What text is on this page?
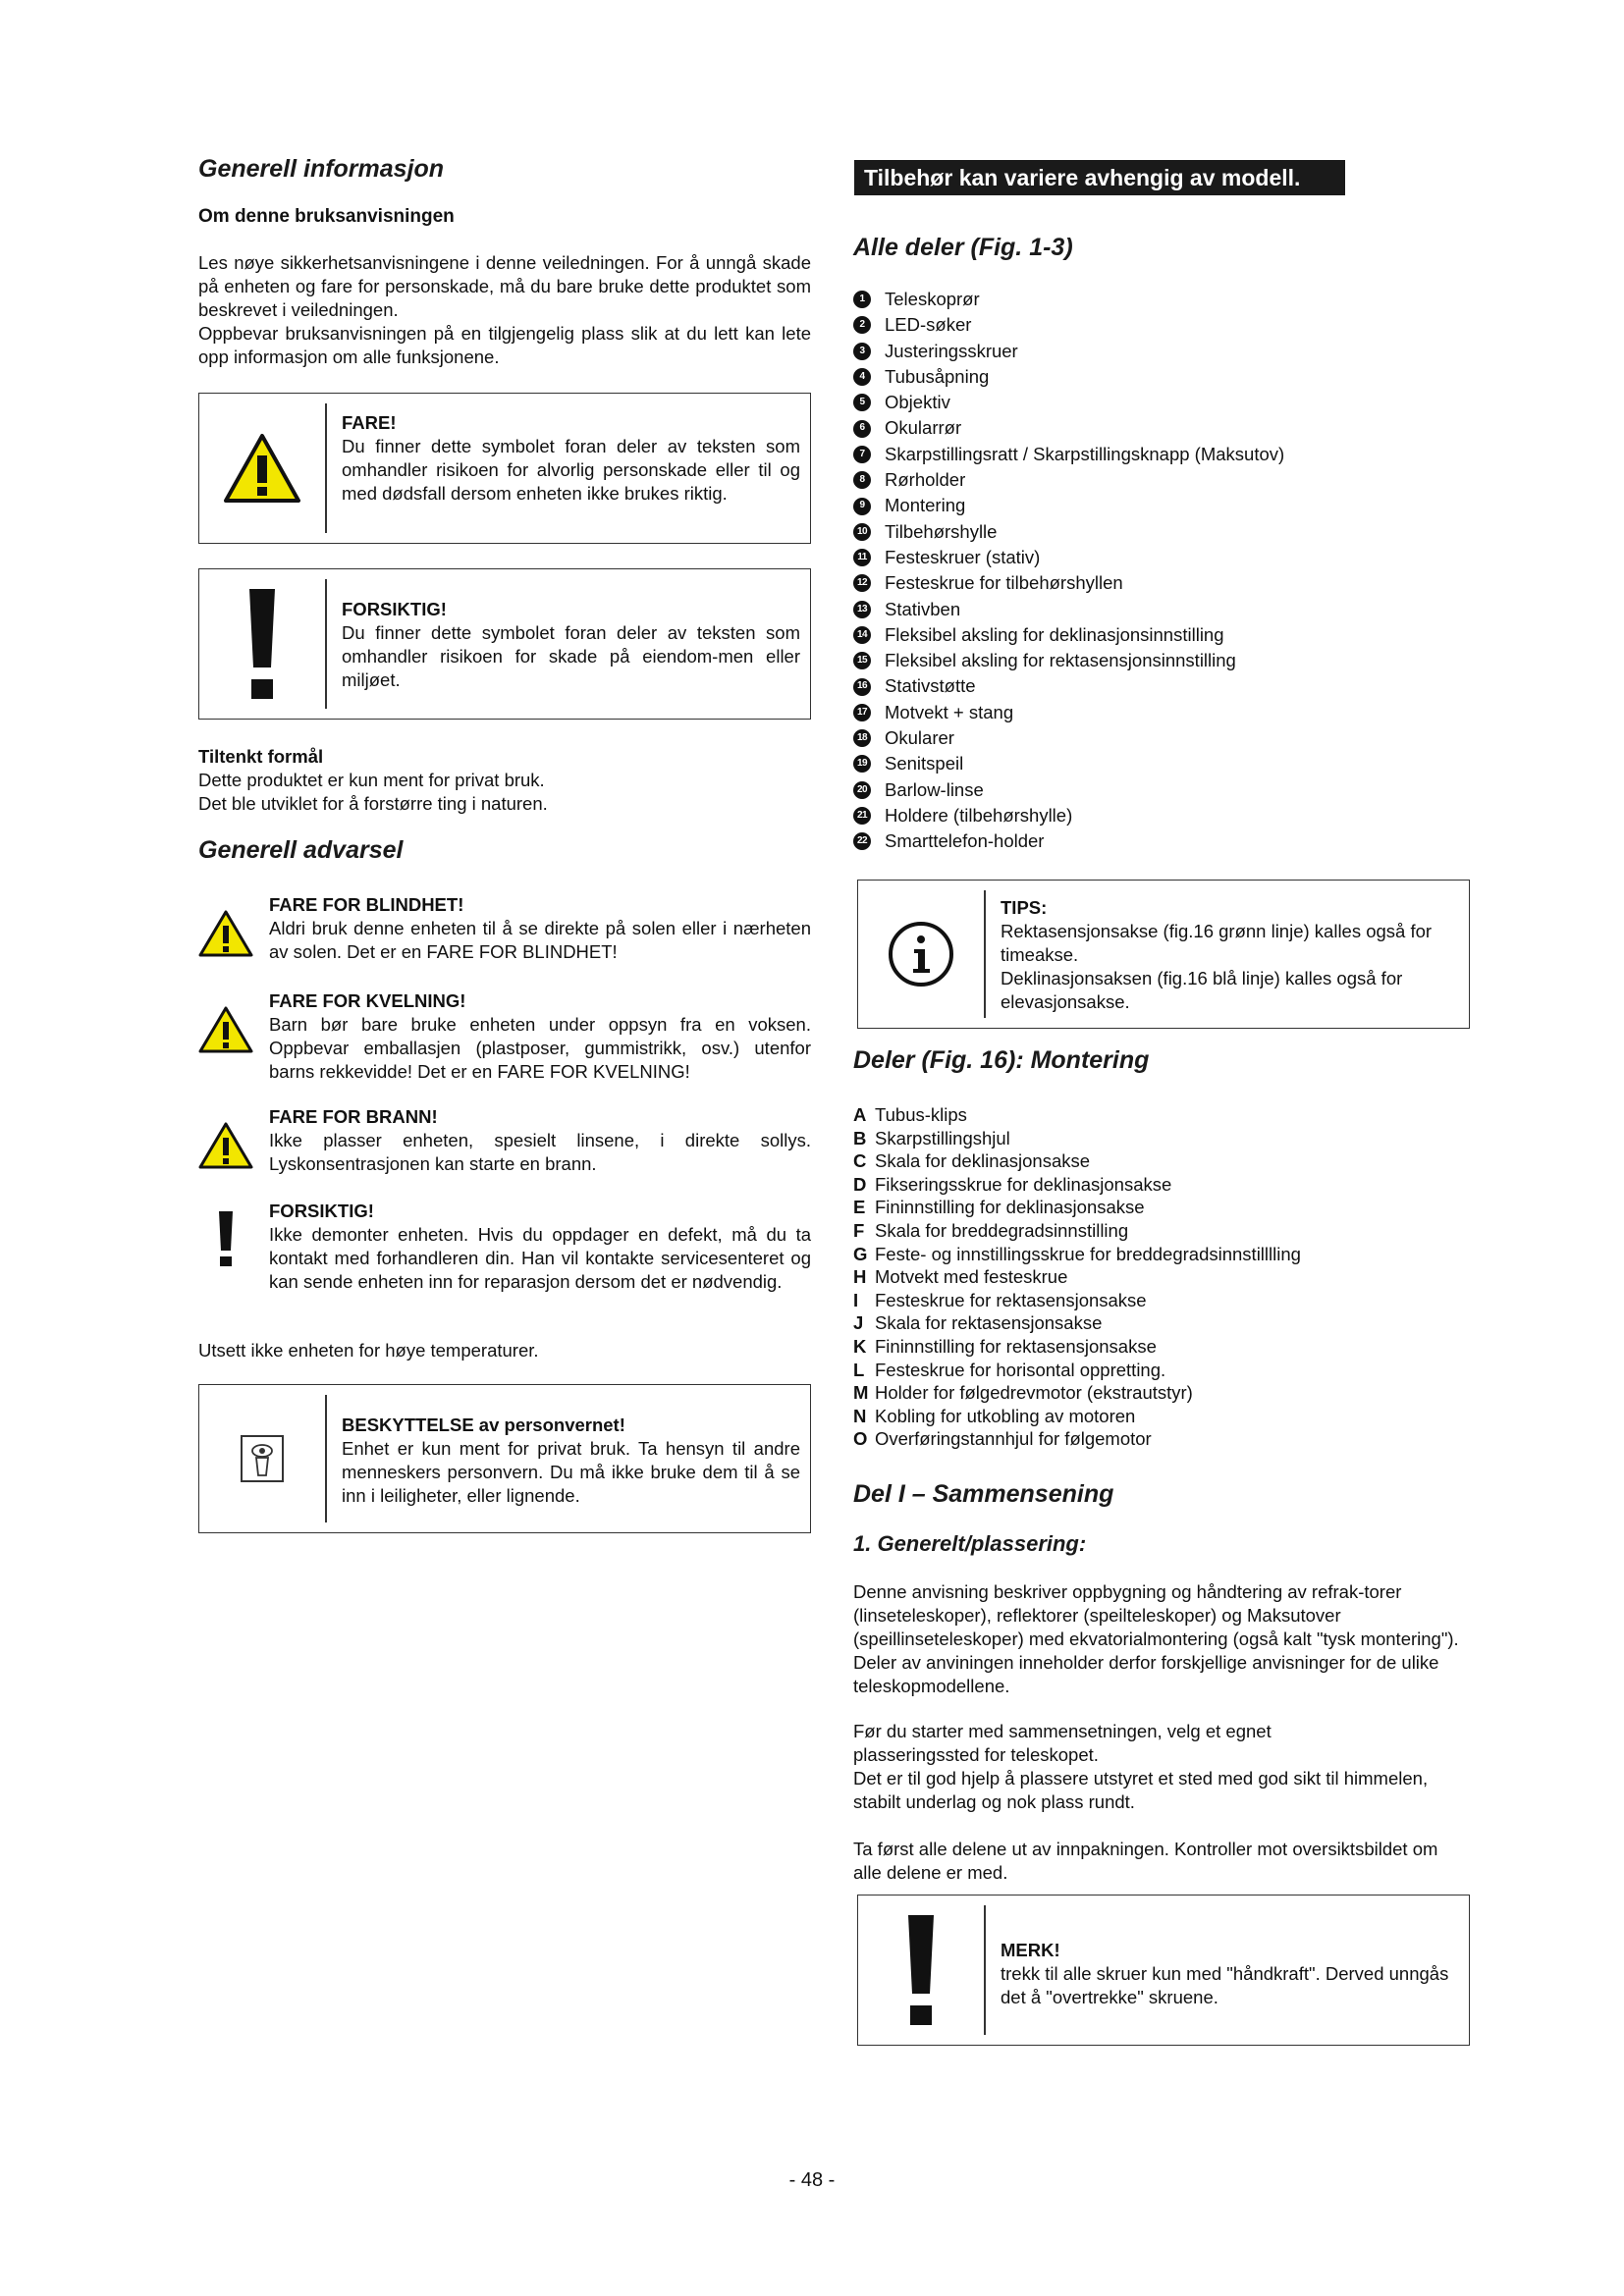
Generell informasjon

Om denne bruksanvisningen

Les nøye sikkerhetsanvisningene i denne veiledningen. For å unngå skade på enheten og fare for personskade, må du bare bruke dette produktet som beskrevet i veiledningen.

Oppbevar bruksanvisningen på en tilgjengelig plass slik at du lett kan lete opp informasjon om alle funksjonene.

FARE!
Du finner dette symbolet foran deler av teksten som omhandler risikoen for alvorlig personskade eller til og med dødsfall dersom enheten ikke brukes riktig.
FORSIKTIG!
Du finner dette symbolet foran deler av teksten som omhandler risikoen for skade på eiendom-men eller miljøet.

Tiltenkt formål

Dette produktet er kun ment for privat bruk.

Det ble utviklet for å forstørre ting i naturen.

Generell advarsel
FARE FOR BLINDHET!
Aldri bruk denne enheten til å se direkte på solen eller i nærheten av solen. Det er en FARE FOR BLINDHET!
FARE FOR KVELNING!
Barn bør bare bruke enheten under oppsyn fra en voksen. Oppbevar emballasjen (plastposer, gummistrikk, osv.) utenfor barns rekkevidde! Det er en FARE FOR KVELNING!
FARE FOR BRANN!
Ikke plasser enheten, spesielt linsene, i direkte sollys. Lyskonsentrasjonen kan starte en brann.
FORSIKTIG!
Ikke demonter enheten. Hvis du oppdager en defekt, må du ta kontakt med forhandleren din. Han vil kontakte servicesenteret og kan sende enheten inn for reparasjon dersom det er nødvendig.

Utsett ikke enheten for høye temperaturer.

BESKYTTELSE av personvernet!
Enhet er kun ment for privat bruk. Ta hensyn til andre menneskers personvern. Du må ikke bruke dem til å se inn i leiligheter, eller lignende.
Tilbehør kan variere avhengig av modell.
Alle deler (Fig. 1-3)
1	Teleskoprør
2	LED-søker
3	Justeringsskruer
4	Tubusåpning
5	Objektiv
6	Okularrør
7	Skarpstillingsratt / Skarpstillingsknapp (Maksutov)
8	Rørholder
9	Montering
10 Tilbehørshylle
11 Festeskruer (stativ)
12 Festeskrue for tilbehørshyllen
13 Stativben
14 Fleksibel aksling for deklinasjonsinnstilling
15 Fleksibel aksling for rektasensjonsinnstilling
16 Stativstøtte
17 Motvekt + stang
18 Okularer
19 Senitspeil
20 Barlow-linse
21 Holdere (tilbehørshylle)
22 Smarttelefon-holder
TIPS:
Rektasensjonsakse (fig.16 grønn linje) kalles også for timeakse.
Deklinasjonsaksen (fig.16 blå linje) kalles også for elevasjonsakse.
Deler (Fig. 16): Montering
A Tubus-klips
B Skarpstillingshjul
C Skala for deklinasjonsakse
D Fikseringsskrue for deklinasjonsakse
E Fininnstilling for deklinasjonsakse
F Skala for breddegradsinnstilling
G Feste- og innstillingsskrue for breddegradsinnstilllling
H Motvekt med festeskrue
I Festeskrue for rektasensjonsakse
J Skala for rektasensjonsakse
K Fininnstilling for rektasensjonsakse
L Festeskrue for horisontal oppretting.
M Holder for følgedrevmotor (ekstrautstyr)
N Kobling for utkobling av motoren
O Overføringstannhjul for følgemotor
Del I – Sammensening
1. Generelt/plassering:

Denne anvisning beskriver oppbygning og håndtering av refrak-torer (linseteleskoper), reflektorer (speilteleskoper) og Maksutover (speillinseteleskoper) med ekvatorialmontering (også kalt "tysk montering"). Deler av anviningen inneholder derfor forskjellige anvisninger for de ulike teleskopmodellene.

Før du starter med sammensetningen, velg et egnet plasseringssted for teleskopet.

Det er til god hjelp å plassere utstyret et sted med god sikt til himmelen, stabilt underlag og nok plass rundt.

Ta først alle delene ut av innpakningen. Kontroller mot oversiktsbildet om alle delene er med.

MERK!
trekk til alle skruer kun med "håndkraft". Derved unngås det å "overtrekke" skruene.
- 48 -
